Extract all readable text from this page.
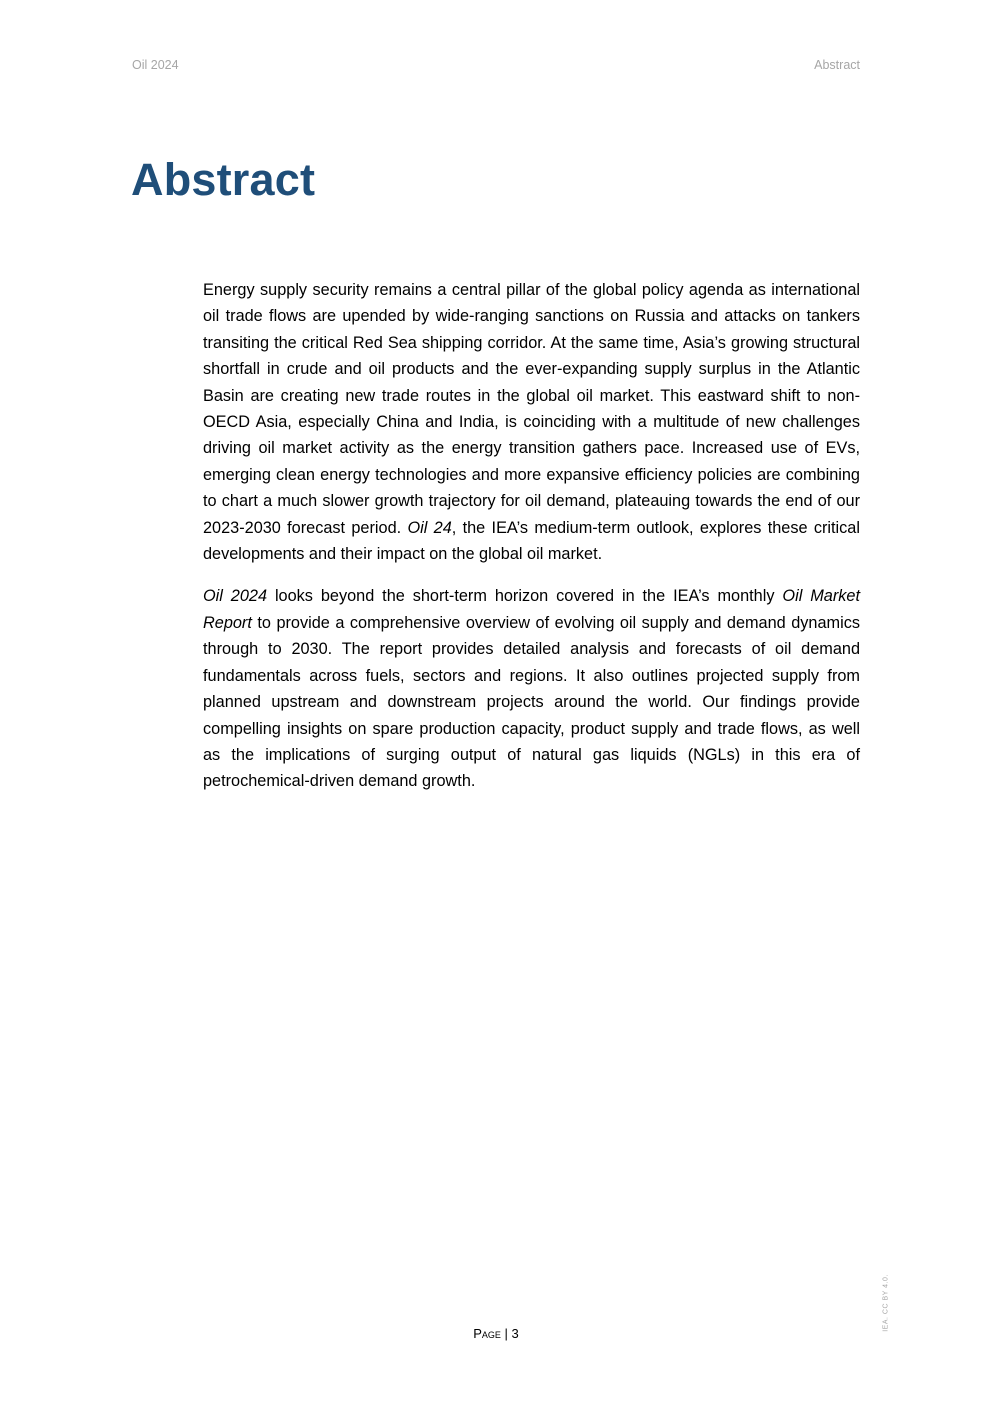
Oil 2024	Abstract
Abstract

Energy supply security remains a central pillar of the global policy agenda as international oil trade flows are upended by wide-ranging sanctions on Russia and attacks on tankers transiting the critical Red Sea shipping corridor. At the same time, Asia’s growing structural shortfall in crude and oil products and the ever-expanding supply surplus in the Atlantic Basin are creating new trade routes in the global oil market. This eastward shift to non-OECD Asia, especially China and India, is coinciding with a multitude of new challenges driving oil market activity as the energy transition gathers pace. Increased use of EVs, emerging clean energy technologies and more expansive efficiency policies are combining to chart a much slower growth trajectory for oil demand, plateauing towards the end of our 2023-2030 forecast period. Oil 24, the IEA’s medium-term outlook, explores these critical developments and their impact on the global oil market.

Oil 2024 looks beyond the short-term horizon covered in the IEA’s monthly Oil Market Report to provide a comprehensive overview of evolving oil supply and demand dynamics through to 2030. The report provides detailed analysis and forecasts of oil demand fundamentals across fuels, sectors and regions. It also outlines projected supply from planned upstream and downstream projects around the world. Our findings provide compelling insights on spare production capacity, product supply and trade flows, as well as the implications of surging output of natural gas liquids (NGLs) in this era of petrochemical-driven demand growth.

Page | 3
IEA. CC BY 4.0.
